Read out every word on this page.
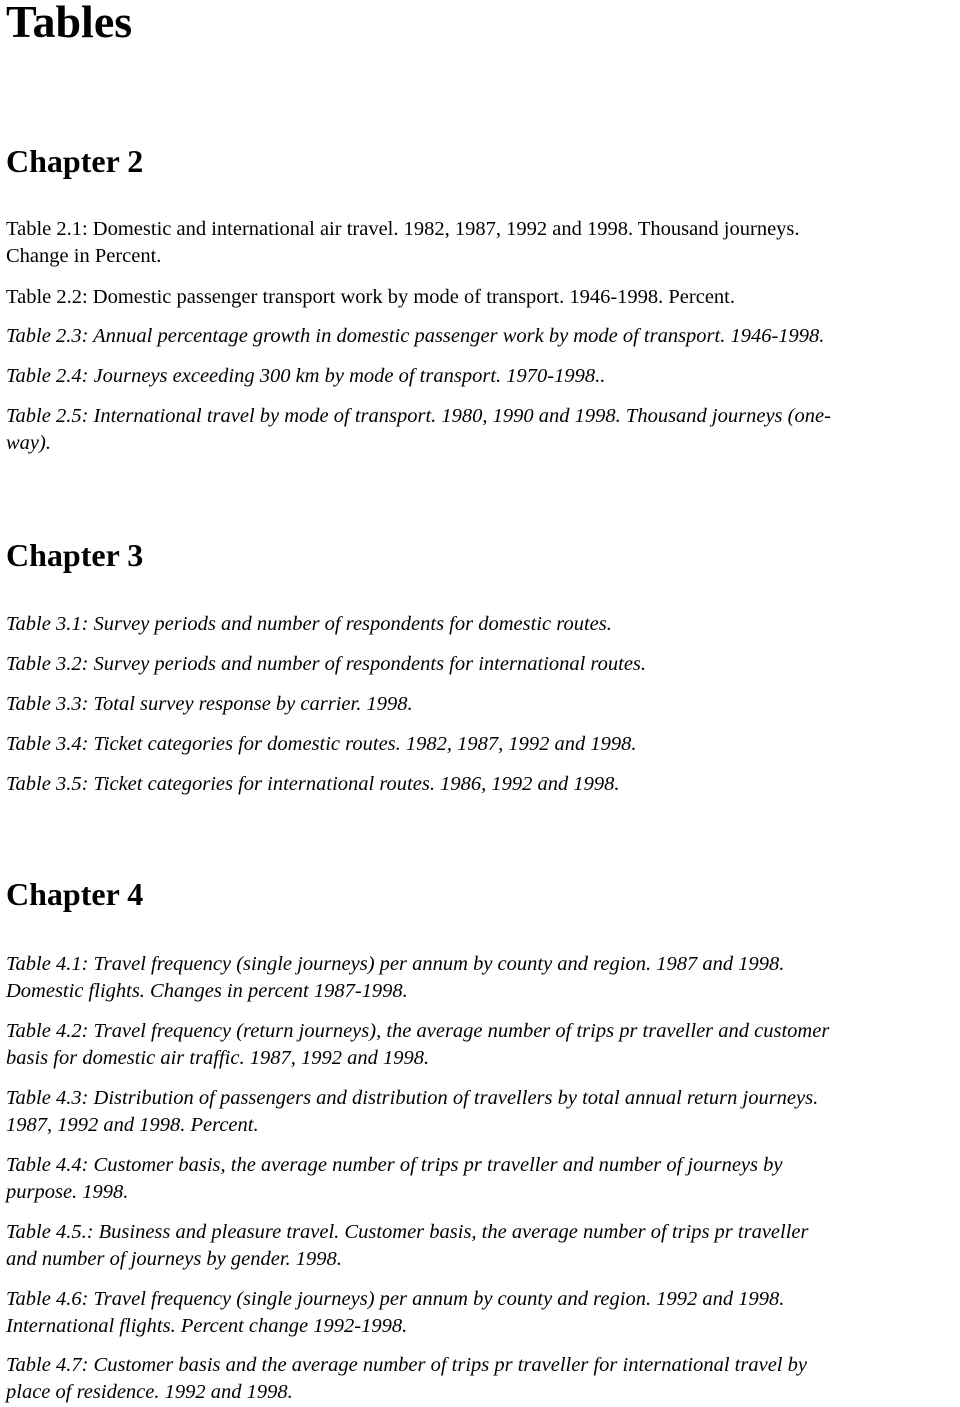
Tables
Chapter 2

Table 2.1: Domestic and international air travel. 1982, 1987, 1992 and 1998. Thousand journeys.
Change in Percent.

Table 2.2: Domestic passenger transport work by mode of transport. 1946-1998. Percent.

Table 2.3: Annual percentage growth in domestic passenger work by mode of transport. 1946-1998.

Table 2.4: Journeys exceeding 300 km by mode of transport. 1970-1998..

Table 2.5: International travel by mode of transport. 1980, 1990 and 1998. Thousand journeys (one-
way).

Chapter 3

Table 3.1: Survey periods and number of respondents for domestic routes.

Table 3.2: Survey periods and number of respondents for international routes.

Table 3.3: Total survey response by carrier. 1998.

Table 3.4: Ticket categories for domestic routes. 1982, 1987, 1992 and 1998.

Table 3.5: Ticket categories for international routes. 1986, 1992 and 1998.

Chapter 4

Table 4.1: Travel frequency (single journeys) per annum by county and region. 1987 and 1998.
Domestic flights. Changes in percent 1987-1998.

Table 4.2: Travel frequency (return journeys), the average number of trips pr traveller and customer
basis for domestic air traffic. 1987, 1992 and 1998.

Table 4.3: Distribution of passengers and distribution of travellers by total annual return journeys.
1987, 1992 and 1998. Percent.

Table 4.4: Customer basis, the average number of trips pr traveller and number of journeys by
purpose. 1998.

Table 4.5.: Business and pleasure travel. Customer basis, the average number of trips pr traveller
and number of journeys by gender. 1998.

Table 4.6: Travel frequency (single journeys) per annum by county and region. 1992 and 1998.
International flights. Percent change 1992-1998.

Table 4.7: Customer basis and the average number of trips pr traveller for international travel by
place of residence. 1992 and 1998.
